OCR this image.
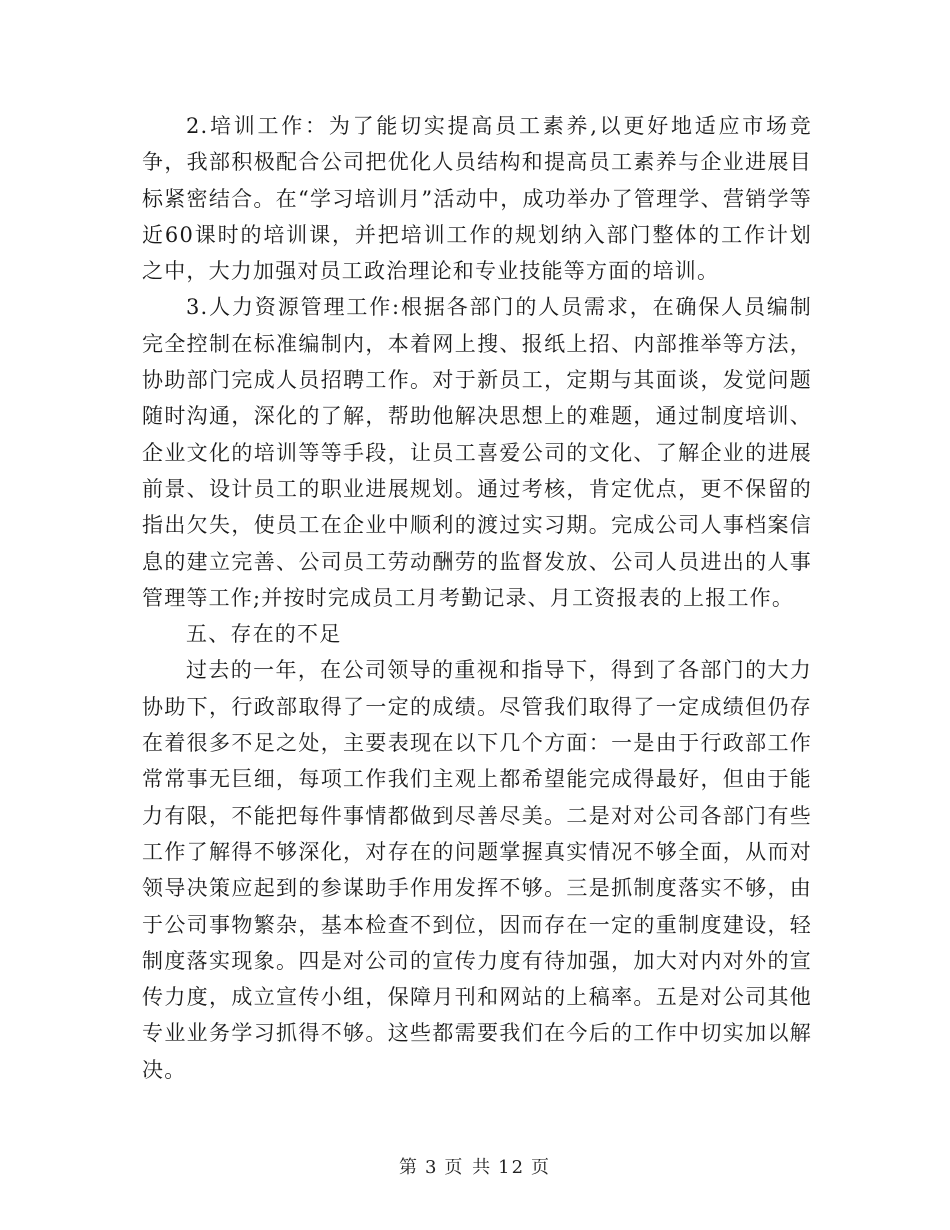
2.培训工作：为了能切实提高员工素养,以更好地适应市场竞争，我部积极配合公司把优化人员结构和提高员工素养与企业进展目标紧密结合。在“学习培训月”活动中，成功举办了管理学、营销学等近60课时的培训课，并把培训工作的规划纳入部门整体的工作计划之中，大力加强对员工政治理论和专业技能等方面的培训。

3.人力资源管理工作:根据各部门的人员需求，在确保人员编制完全控制在标准编制内，本着网上搜、报纸上招、内部推举等方法，协助部门完成人员招聘工作。对于新员工，定期与其面谈，发觉问题随时沟通，深化的了解，帮助他解决思想上的难题，通过制度培训、企业文化的培训等等手段，让员工喜爱公司的文化、了解企业的进展前景、设计员工的职业进展规划。通过考核，肯定优点，更不保留的指出欠失，使员工在企业中顺利的渡过实习期。完成公司人事档案信息的建立完善、公司员工劳动酬劳的监督发放、公司人员进出的人事管理等工作;并按时完成员工月考勤记录、月工资报表的上报工作。

五、存在的不足

过去的一年，在公司领导的重视和指导下，得到了各部门的大力协助下，行政部取得了一定的成绩。尽管我们取得了一定成绩但仍存在着很多不足之处，主要表现在以下几个方面：一是由于行政部工作常常事无巨细，每项工作我们主观上都希望能完成得最好，但由于能力有限，不能把每件事情都做到尽善尽美。二是对对公司各部门有些工作了解得不够深化，对存在的问题掌握真实情况不够全面，从而对领导决策应起到的参谋助手作用发挥不够。三是抓制度落实不够，由于公司事物繁杂，基本检查不到位，因而存在一定的重制度建设，轻制度落实现象。四是对公司的宣传力度有待加强，加大对内对外的宣传力度，成立宣传小组，保障月刊和网站的上稿率。五是对公司其他专业业务学习抓得不够。这些都需要我们在今后的工作中切实加以解决。

第 3 页 共 12 页
